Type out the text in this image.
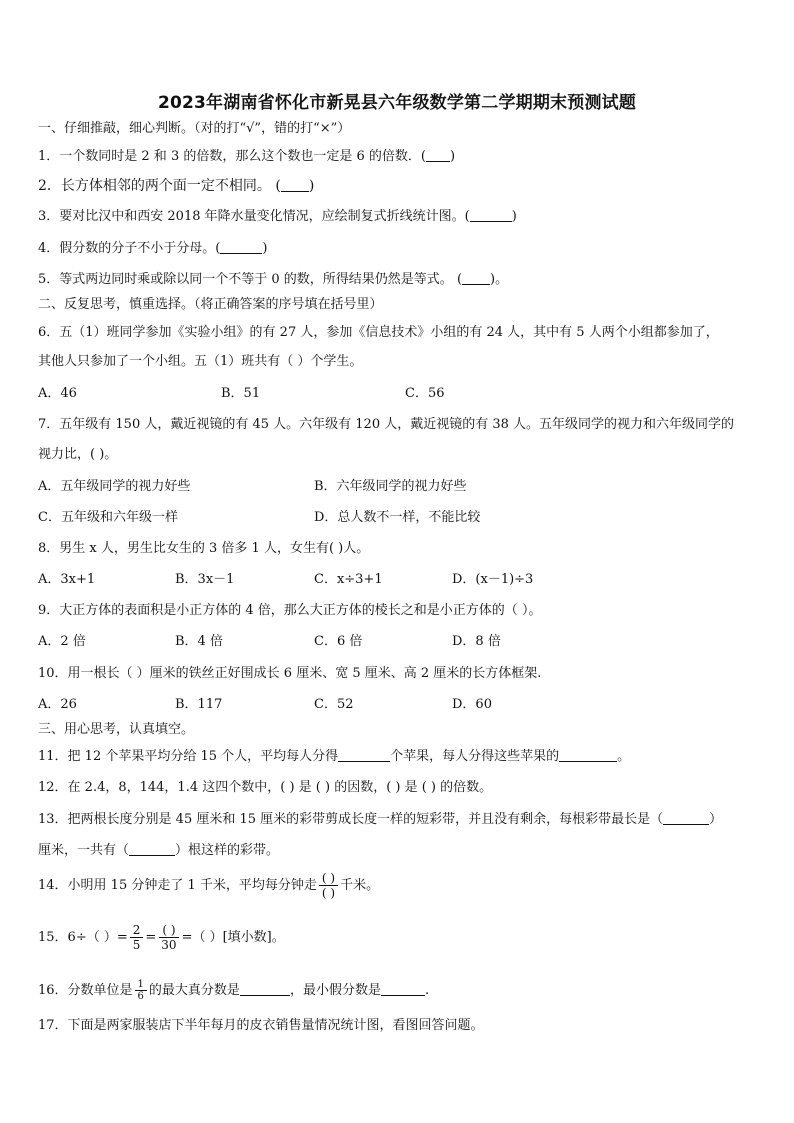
2023年湖南省怀化市新晃县六年级数学第二学期期末预测试题
一、仔细推敲，细心判断。（对的打“√”，错的打“×”）
1．一个数同时是 2 和 3 的倍数，那么这个数也一定是 6 的倍数．( )
2．长方体相邻的两个面一定不相同。 ( )
3．要对比汉中和西安 2018 年降水量变化情况，应绘制复式折线统计图。(	)
4．假分数的分子不小于分母。(	)
5．等式两边同时乘或除以同一个不等于 0 的数，所得结果仍然是等式。 ( )。
二、反复思考，慎重选择。（将正确答案的序号填在括号里）
6．五（1）班同学参加《实验小组》的有 27 人，参加《信息技术》小组的有 24 人，其中有 5 人两个小组都参加了，
其他人只参加了一个小组。五（1）班共有（ ）个学生。
A．46	B．51	C．56
7．五年级有 150 人，戴近视镜的有 45 人。六年级有 120 人，戴近视镜的有 38 人。五年级同学的视力和六年级同学的
视力比，( )。
A．五年级同学的视力好些	B．六年级同学的视力好些
C．五年级和六年级一样	D．总人数不一样，不能比较
8．男生 x 人，男生比女生的 3 倍多 1 人，女生有( )人。
A．3x+1	B．3x－1	C．x÷3+1	D．(x－1)÷3
9．大正方体的表面积是小正方体的 4 倍，那么大正方体的棱长之和是小正方体的（ ）。
A．2 倍	B．4 倍	C．6 倍	D．8 倍
10．用一根长（ ）厘米的铁丝正好围成长 6 厘米、宽 5 厘米、高 2 厘米的长方体框架.
A．26	B．117	C．52	D．60
三、用心思考，认真填空。
11．把 12 个苹果平均分给 15 个人，平均每人分得	个苹果，每人分得这些苹果的	。
12．在 2.4，8，144，1.4 这四个数中，( ) 是 ( ) 的因数，( ) 是 ( ) 的倍数。
13．把两根长度分别是 45 厘米和 15 厘米的彩带剪成长度一样的短彩带，并且没有剩余，每根彩带最长是（	）
厘米，一共有（	）根这样的彩带。
14．小明用 15 分钟走了 1 千米，平均每分钟走 $\frac{( )}{( )}$ 千米。
15．6÷（ ）= $\frac{2}{5} = \frac{( )}{30}$ =（ ）[填小数]。
16．分数单位是 $\frac{1}{6}$ 的最大真分数是	，最小假分数是	.
17．下面是两家服装店下半年每月的皮衣销售量情况统计图，看图回答问题。
